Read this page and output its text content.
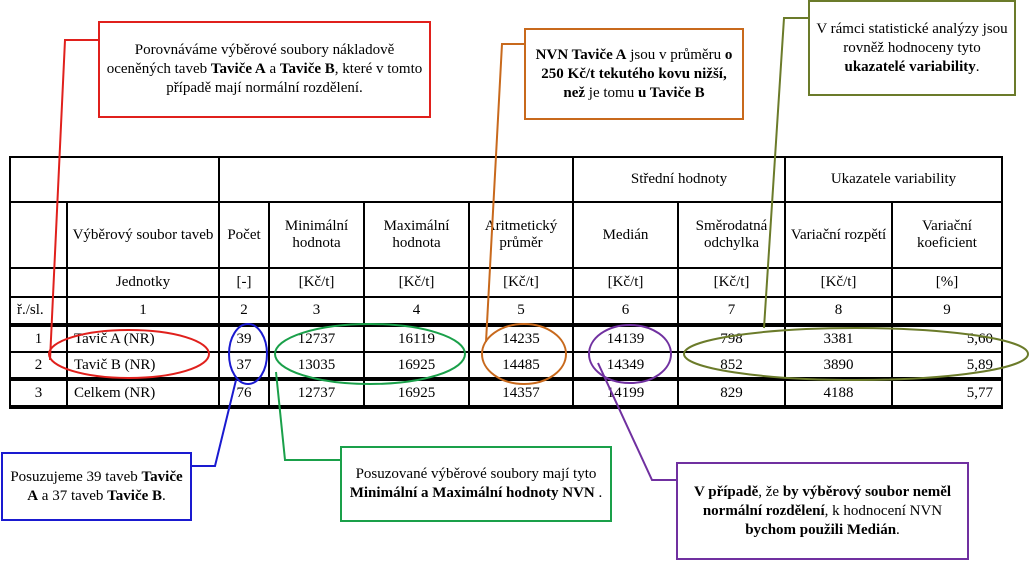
Porovnáváme výběrové soubory nákladově oceněných taveb Taviče A a Taviče B, které v tomto případě mají normální rozdělení.
NVN Taviče A jsou v průměru o 250 Kč/t tekutého kovu nižší, než je tomu u Taviče B
V rámci statistické analýzy jsou rovněž hodnoceny tyto ukazatelé variability.
Posuzujeme 39 taveb Taviče A a 37 taveb Taviče B.
Posuzované výběrové soubory mají tyto Minimální a Maximální hodnoty NVN .	V případě, že by výběrový soubor neměl normální rozdělení, k hodnocení NVN bychom použili Medián.
						Střední hodnoty		Ukazatele variability	
	Výběrový soubor taveb	Počet	Minimální hodnota	Maximální hodnota	Aritmetický průměr	Medián	Směrodatná odchylka	Variační rozpětí	Variační koeficient
	Jednotky	[-]	[Kč/t]	[Kč/t]	[Kč/t]	[Kč/t]	[Kč/t]	[Kč/t]	[%]
ř./sl.	1	2	3	4	5	6	7	8	9
1	Tavič A (NR)	39	12737	16119	14235	14139	798	3381	5,60
2	Tavič B (NR)	37	13035	16925	14485	14349	852	3890	5,89
3	Celkem (NR)	76	12737	16925	14357	14199	829	4188	5,77
